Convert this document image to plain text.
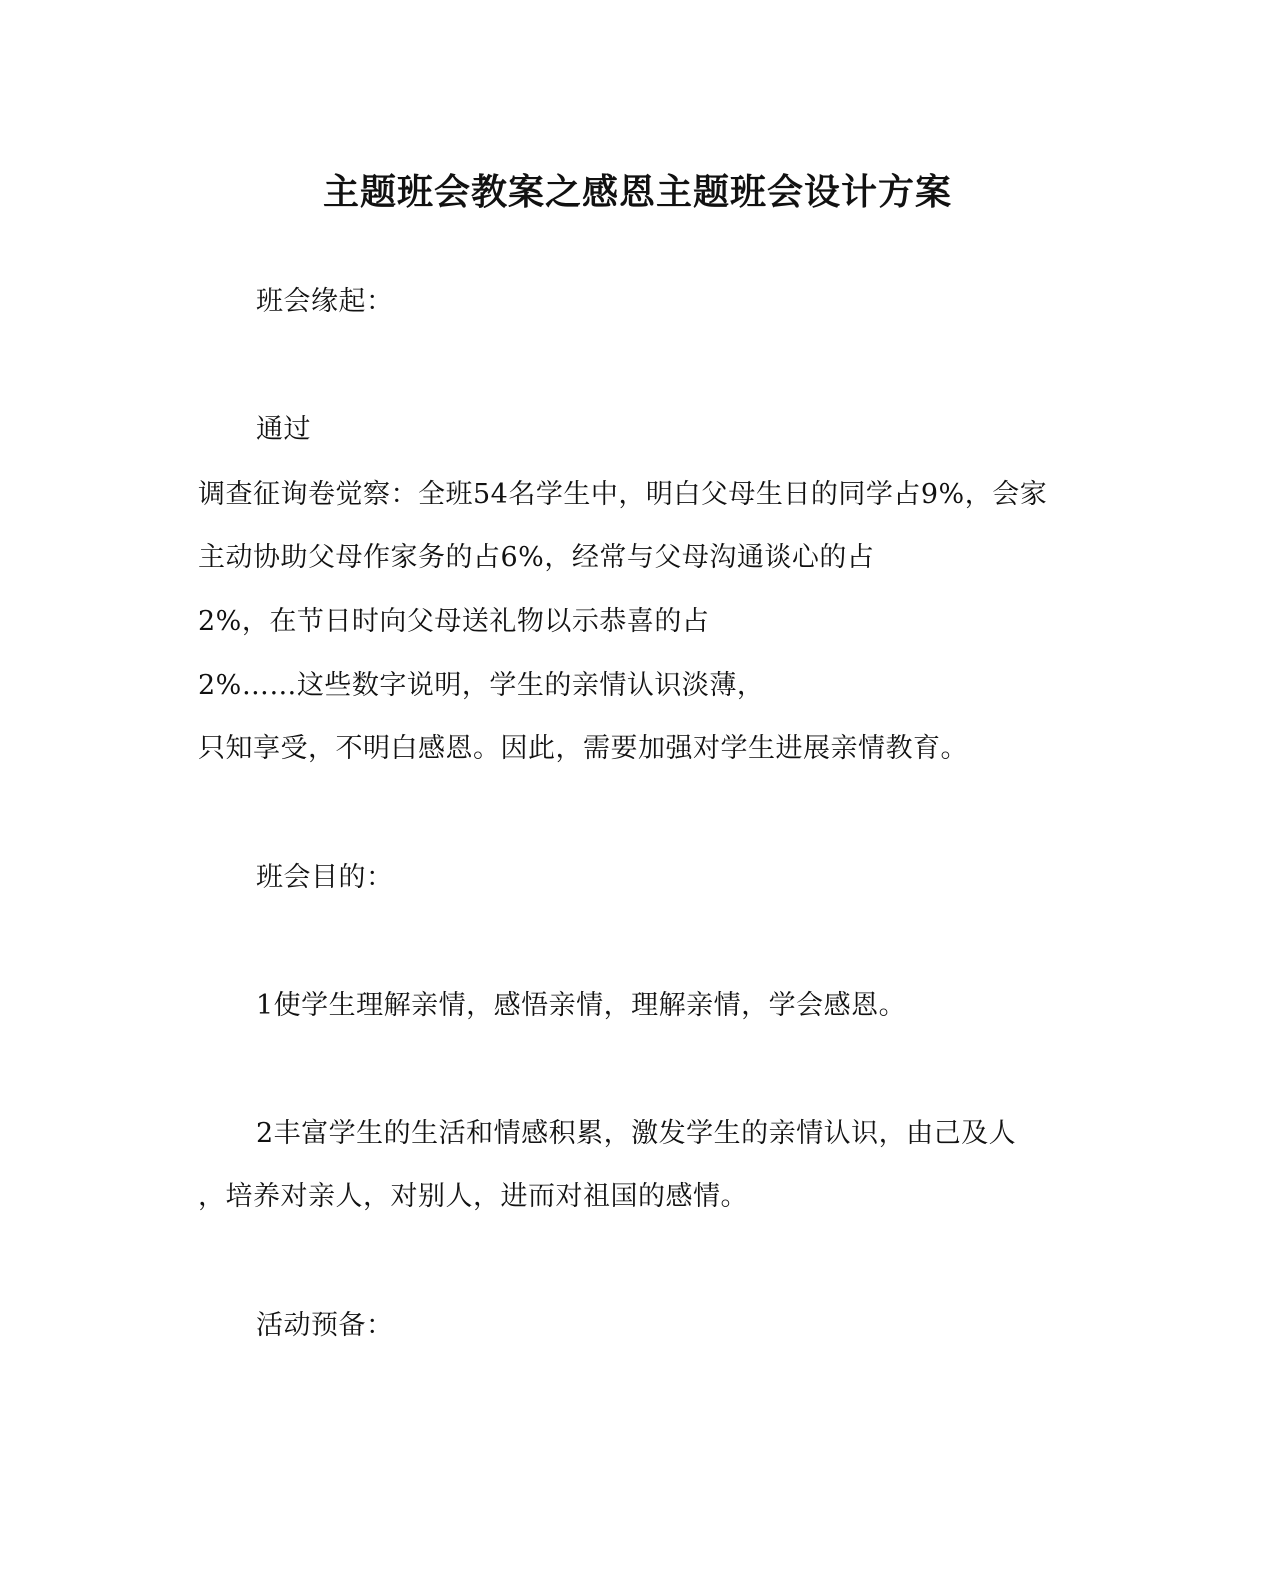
主题班会教案之感恩主题班会设计方案
班会缘起：
通过
调查征询卷觉察：全班54名学生中，明白父母生日的同学占9%，会家
主动协助父母作家务的占6%，经常与父母沟通谈心的占
2%，在节日时向父母送礼物以示恭喜的占
2%……这些数字说明，学生的亲情认识淡薄，
只知享受，不明白感恩。因此，需要加强对学生进展亲情教育。
班会目的：
1使学生理解亲情，感悟亲情，理解亲情，学会感恩。
2丰富学生的生活和情感积累，激发学生的亲情认识，由己及人
，培养对亲人，对别人，进而对祖国的感情。
活动预备：
